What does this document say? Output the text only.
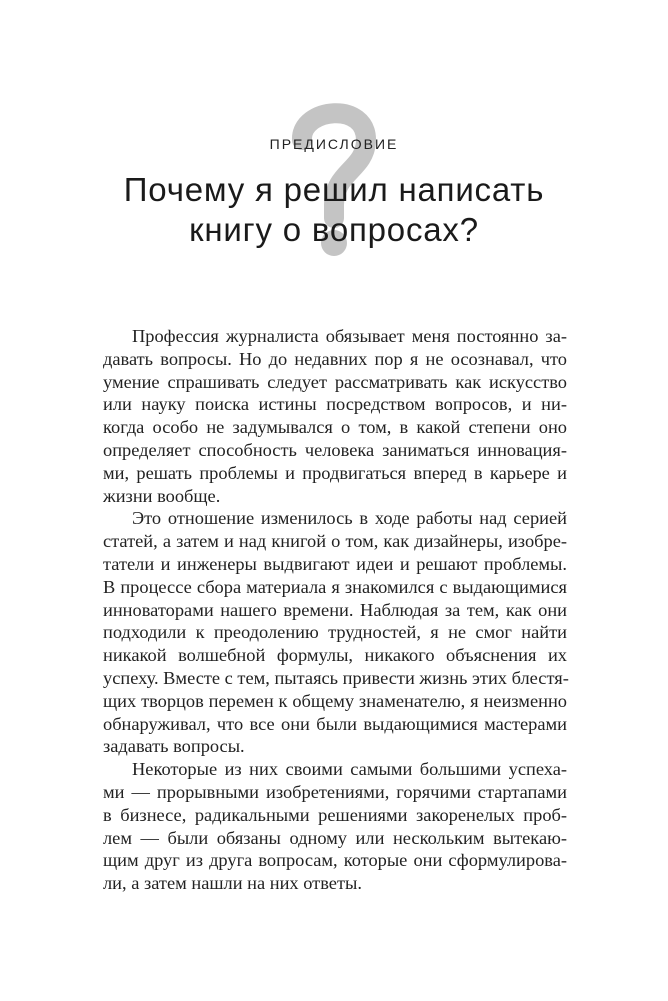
ПРЕДИСЛОВИЕ
Почему я решил написать
книгу о вопросах?
Профессия журналиста обязывает меня постоянно за-
давать вопросы. Но до недавних пор я не осознавал, что
умение спрашивать следует рассматривать как искусство
или науку поиска истины посредством вопросов, и ни-
когда особо не задумывался о том, в какой степени оно
определяет способность человека заниматься инновация-
ми, решать проблемы и продвигаться вперед в карьере и
жизни вообще.
Это отношение изменилось в ходе работы над серией
статей, а затем и над книгой о том, как дизайнеры, изобре-
татели и инженеры выдвигают идеи и решают проблемы.
В процессе сбора материала я знакомился с выдающимися
инноваторами нашего времени. Наблюдая за тем, как они
подходили к преодолению трудностей, я не смог найти
никакой волшебной формулы, никакого объяснения их
успеху. Вместе с тем, пытаясь привести жизнь этих блестя-
щих творцов перемен к общему знаменателю, я неизменно
обнаруживал, что все они были выдающимися мастерами
задавать вопросы.
Некоторые из них своими самыми большими успеха-
ми — прорывными изобретениями, горячими стартапами
в бизнесе, радикальными решениями закоренелых проб-
лем — были обязаны одному или нескольким вытекаю-
щим друг из друга вопросам, которые они сформулирова-
ли, а затем нашли на них ответы.
